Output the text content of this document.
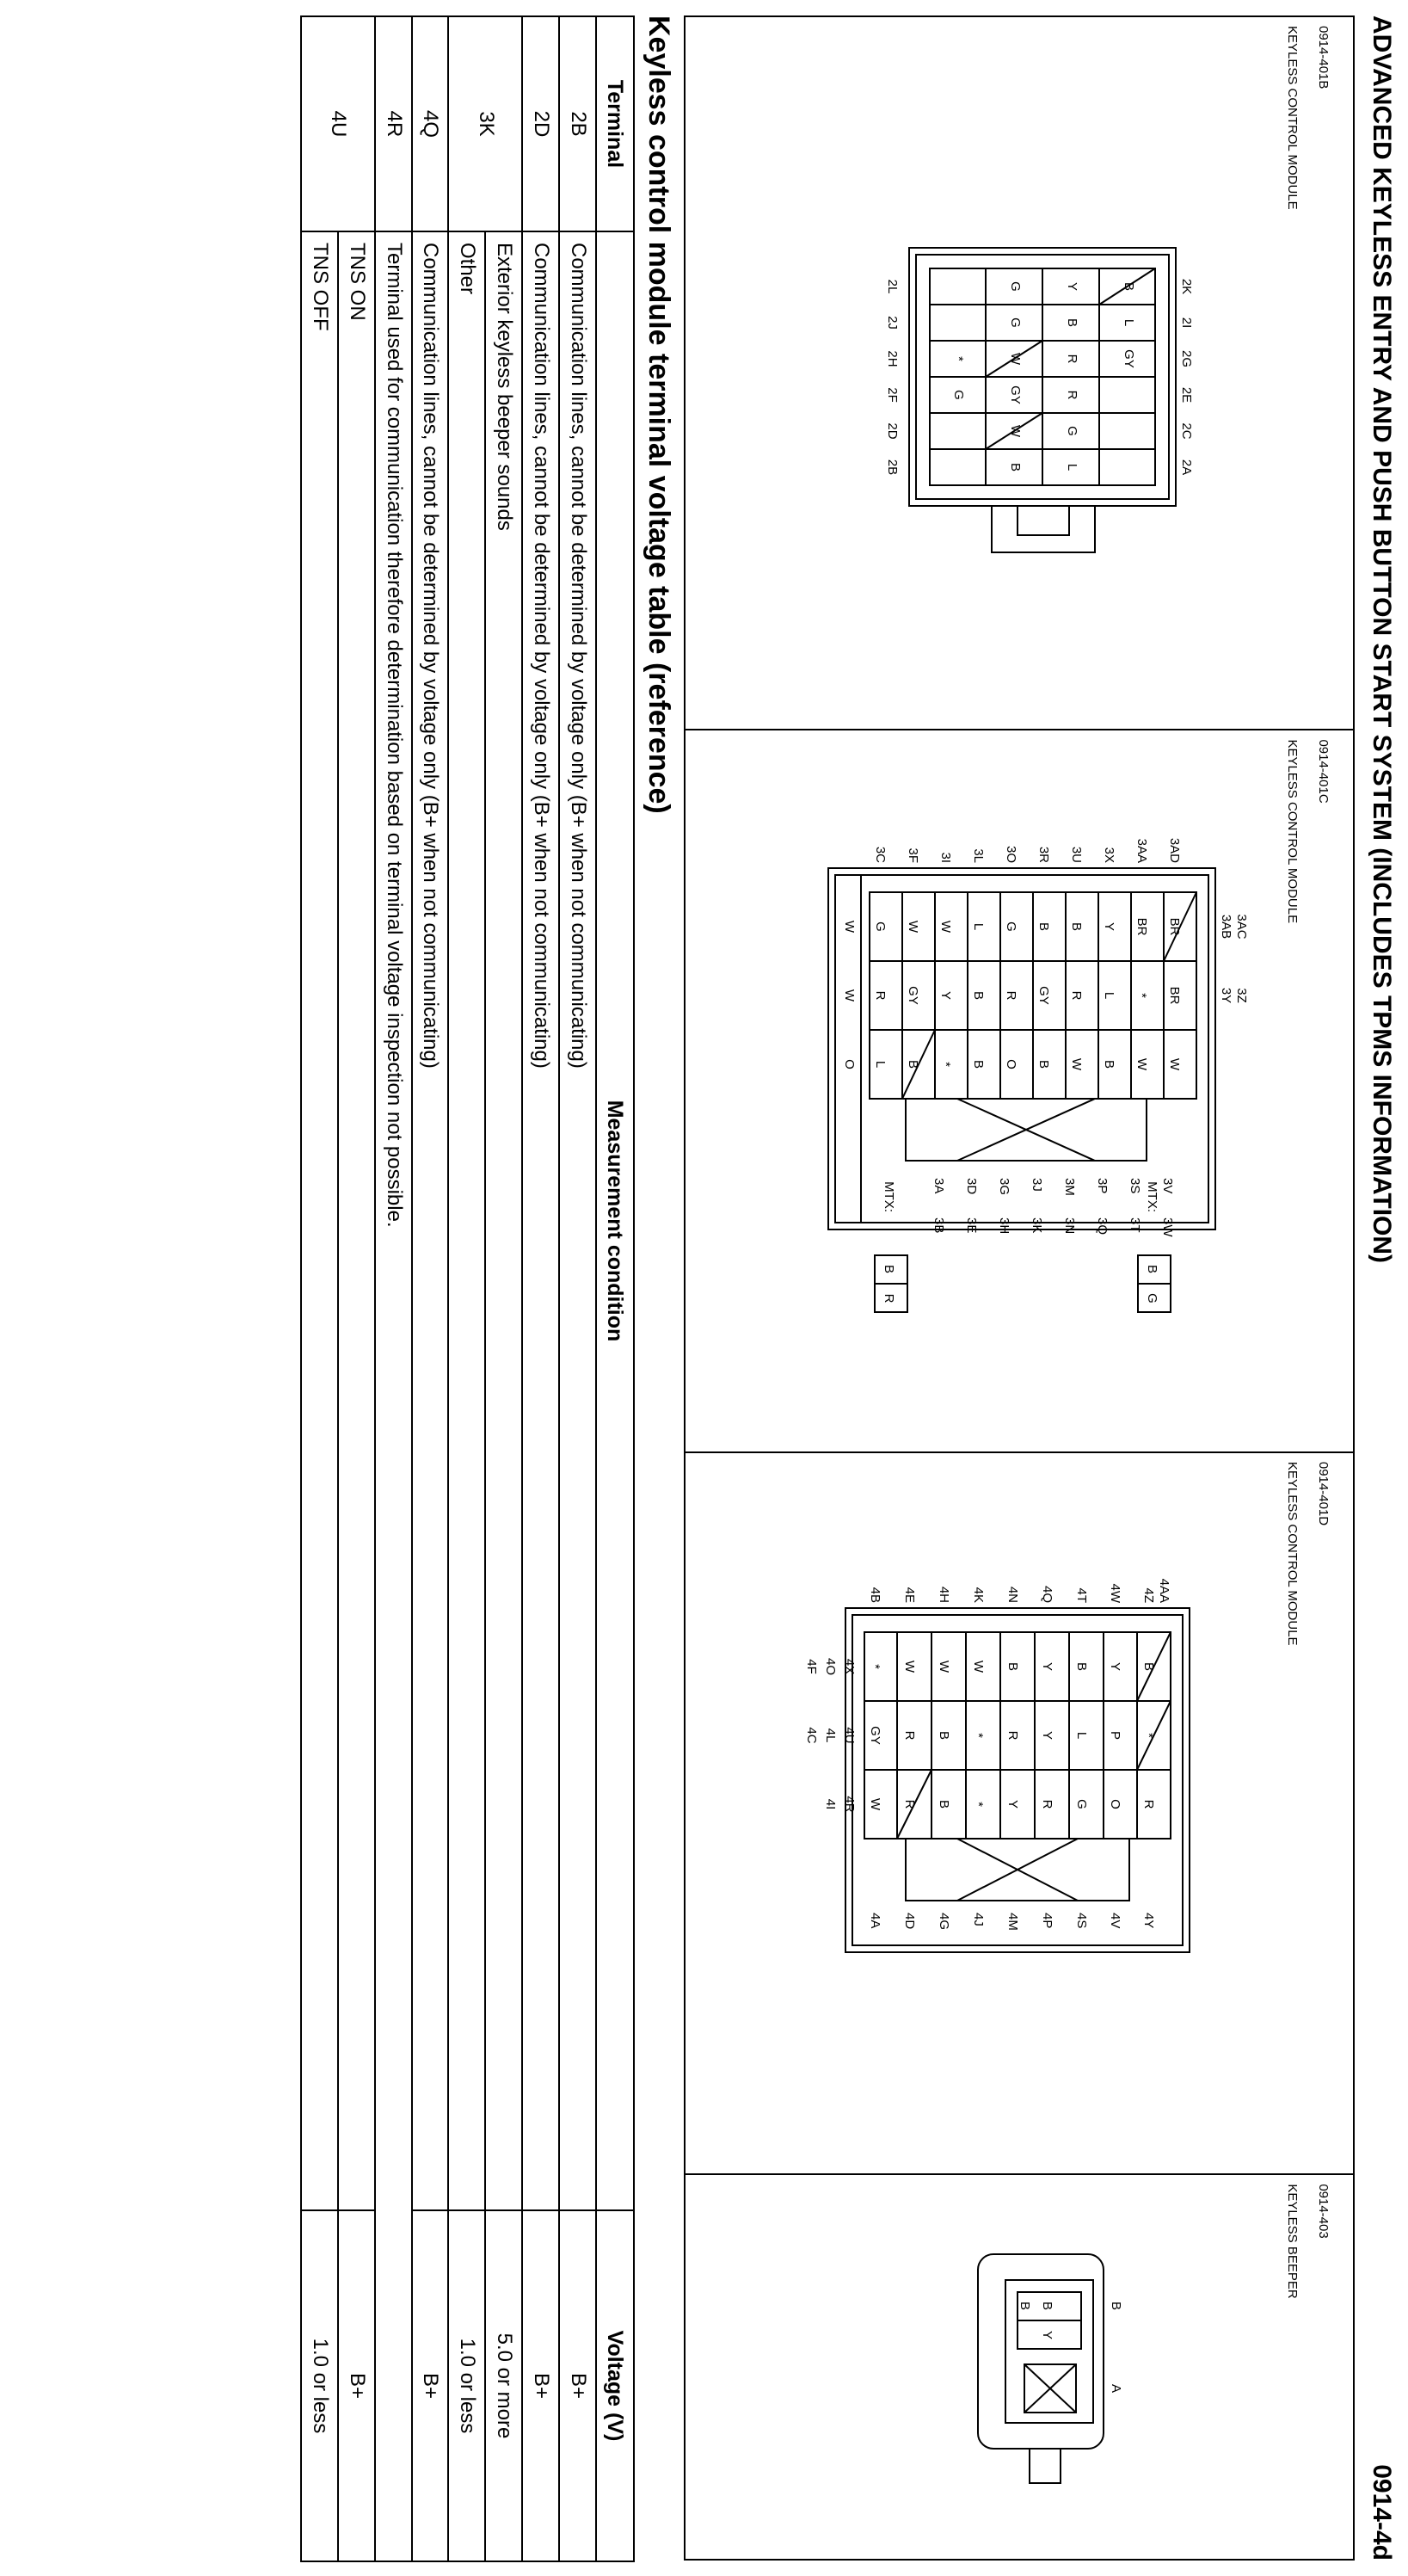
ADVANCED KEYLESS ENTRY AND PUSH BUTTON START SYSTEM (INCLUDES TPMS INFORMATION)
0914-4d

0914-401B

KEYLESS CONTROL MODULE

B
L
GY
Y
B
R
R
G
L
G
G
W
GY
W
B
*
G
2K
2I
2G
2E
2C
2A
2L
2J
2H
2F
2D
2B

0914-401C

KEYLESS CONTROL MODULE

BR
BR
W
BR
*
W
Y
L
B
B
R
W
B
GY
B
G
R
O
L
B
B
W
Y
*
W
GY
B
G
R
L
W
W
O
3AD
3AA
3X
3U
3R
3O
3L
3I
3F
3C
3AB
3Y
3AC
3Z
3V
3S
3P
3M
3J
3G
3D
3A
3W
3T
3Q
3N
3K
3H
3E
3B
MTX:
B
G
MTX:
B
R

0914-401D

KEYLESS CONTROL MODULE

B
*
R
Y
P
O
B
L
G
Y
Y
R
B
R
Y
W
*
*
W
B
B
W
R
R
*
GY
W
4Z
4W
4T
4Q
4N
4K
4H
4E
4B	4AA
4Y
4V
4S
4P
4M
4J
4G
4D
4A
4X
4U
4R
4O
4L
4I
4F
4C

0914-403

KEYLESS BEEPER

B
Y
B	B
A
Keyless control module terminal voltage table (reference)
Terminal	Measurement condition	Voltage (V)
2B	Communication lines, cannot be determined by voltage only (B+ when not communicating)	B+
2D	Communication lines, cannot be determined by voltage only (B+ when not communicating)	B+
3K	Exterior keyless beeper sounds	5.0 or more
	Other	1.0 or less
4Q	Communication lines, cannot be determined by voltage only (B+ when not communicating)	B+
4R	Terminal used for communication therefore determination based on terminal voltage inspection not possible.	
4U	TNS ON	B+
	TNS OFF	1.0 or less
